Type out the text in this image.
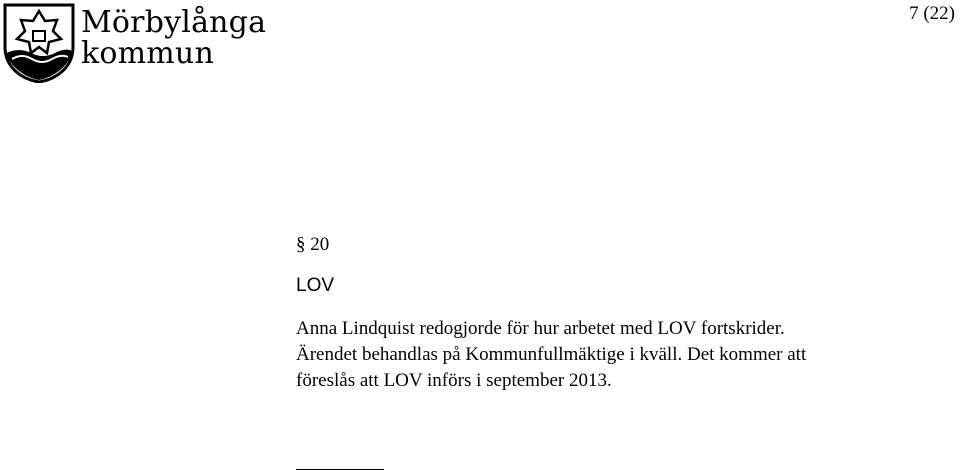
Mörbylånga
kommun
7 (22)
§ 20
LOV

Anna Lindquist redogjorde för hur arbetet med LOV fortskrider.

Ärendet behandlas på Kommunfullmäktige i kväll. Det kommer att

föreslås att LOV införs i september 2013.
